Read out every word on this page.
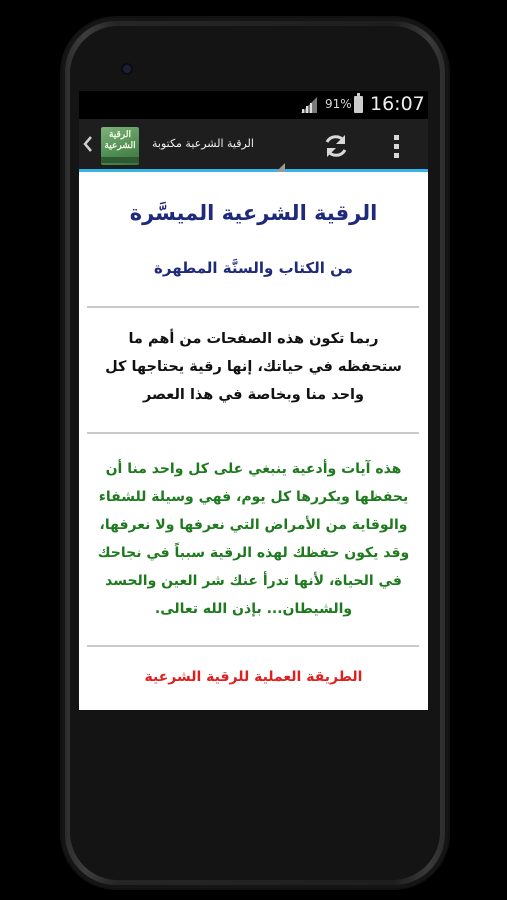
91% 16:07
الرقية الشرعية	الرقية الشرعية مكتوبة
الرقية الشرعية الميسَّرة
من الكتاب والسنَّة المطهرة
ربما تكون هذه الصفحات من أهم ما ستحفظه في حياتك، إنها رقية يحتاجها كل واحد منا وبخاصة في هذا العصر
هذه آيات وأدعية ينبغي على كل واحد منا أن يحفظها ويكررها كل يوم، فهي وسيلة للشفاء والوقاية من الأمراض التي نعرفها ولا نعرفها، وقد يكون حفظك لهذه الرقية سبباً في نجاحك في الحياة، لأنها تدرأ عنك شر العين والحسد والشيطان... بإذن الله تعالى.
الطريقة العملية للرقية الشرعية
